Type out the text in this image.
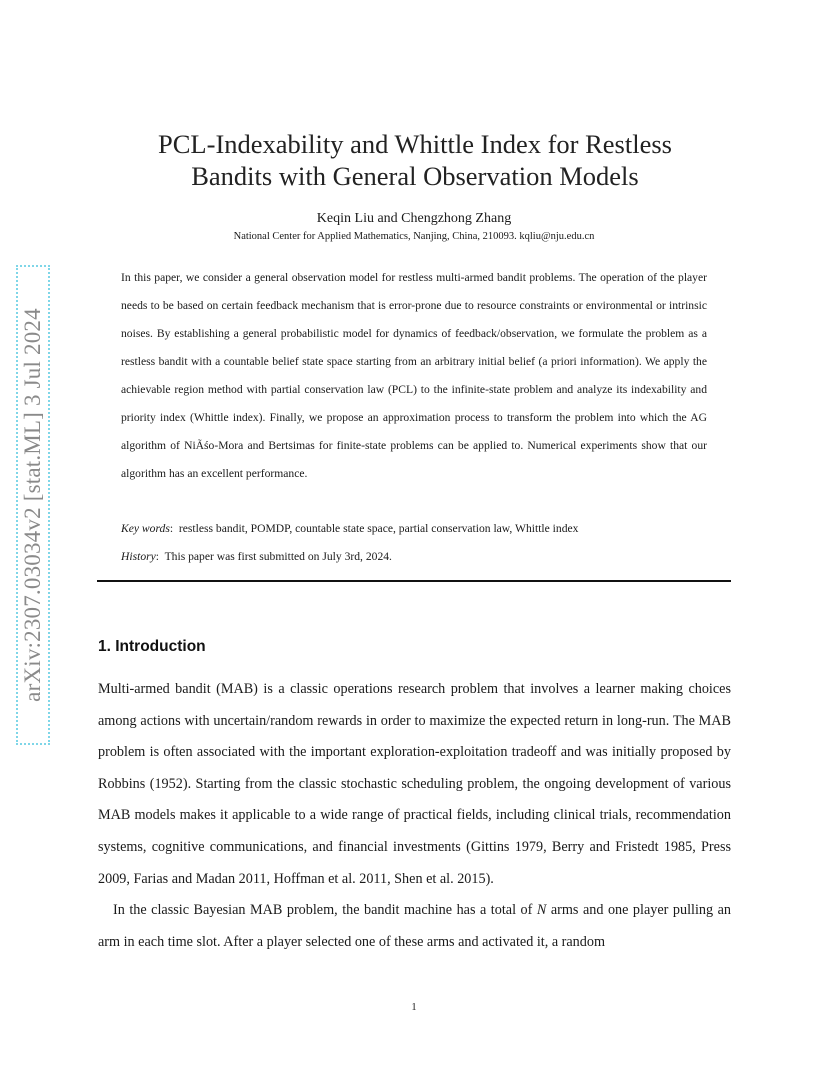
arXiv:2307.03034v2 [stat.ML] 3 Jul 2024
PCL-Indexability and Whittle Index for Restless
Bandits with General Observation Models
Keqin Liu and Chengzhong Zhang
National Center for Applied Mathematics, Nanjing, China, 210093. kqliu@nju.edu.cn

In this paper, we consider a general observation model for restless multi-armed bandit problems. The operation of the player needs to be based on certain feedback mechanism that is error-prone due to resource constraints or environmental or intrinsic noises. By establishing a general probabilistic model for dynamics of feedback/observation, we formulate the problem as a restless bandit with a countable belief state space starting from an arbitrary initial belief (a priori information). We apply the achievable region method with partial conservation law (PCL) to the infinite-state problem and analyze its indexability and priority index (Whittle index). Finally, we propose an approximation process to transform the problem into which the AG algorithm of NiÃśo-Mora and Bertsimas for finite-state problems can be applied to. Numerical experiments show that our algorithm has an excellent performance.

Key words:  restless bandit, POMDP, countable state space, partial conservation law, Whittle index
History:  This paper was first submitted on July 3rd, 2024.
1. Introduction

Multi-armed bandit (MAB) is a classic operations research problem that involves a learner making choices among actions with uncertain/random rewards in order to maximize the expected return in long-run. The MAB problem is often associated with the important exploration-exploitation tradeoff and was initially proposed by Robbins (1952). Starting from the classic stochastic scheduling problem, the ongoing development of various MAB models makes it applicable to a wide range of practical fields, including clinical trials, recommendation systems, cognitive communications, and financial investments (Gittins 1979, Berry and Fristedt 1985, Press 2009, Farias and Madan 2011, Hoffman et al. 2011, Shen et al. 2015).

In the classic Bayesian MAB problem, the bandit machine has a total of N arms and one player pulling an arm in each time slot. After a player selected one of these arms and activated it, a random

1
